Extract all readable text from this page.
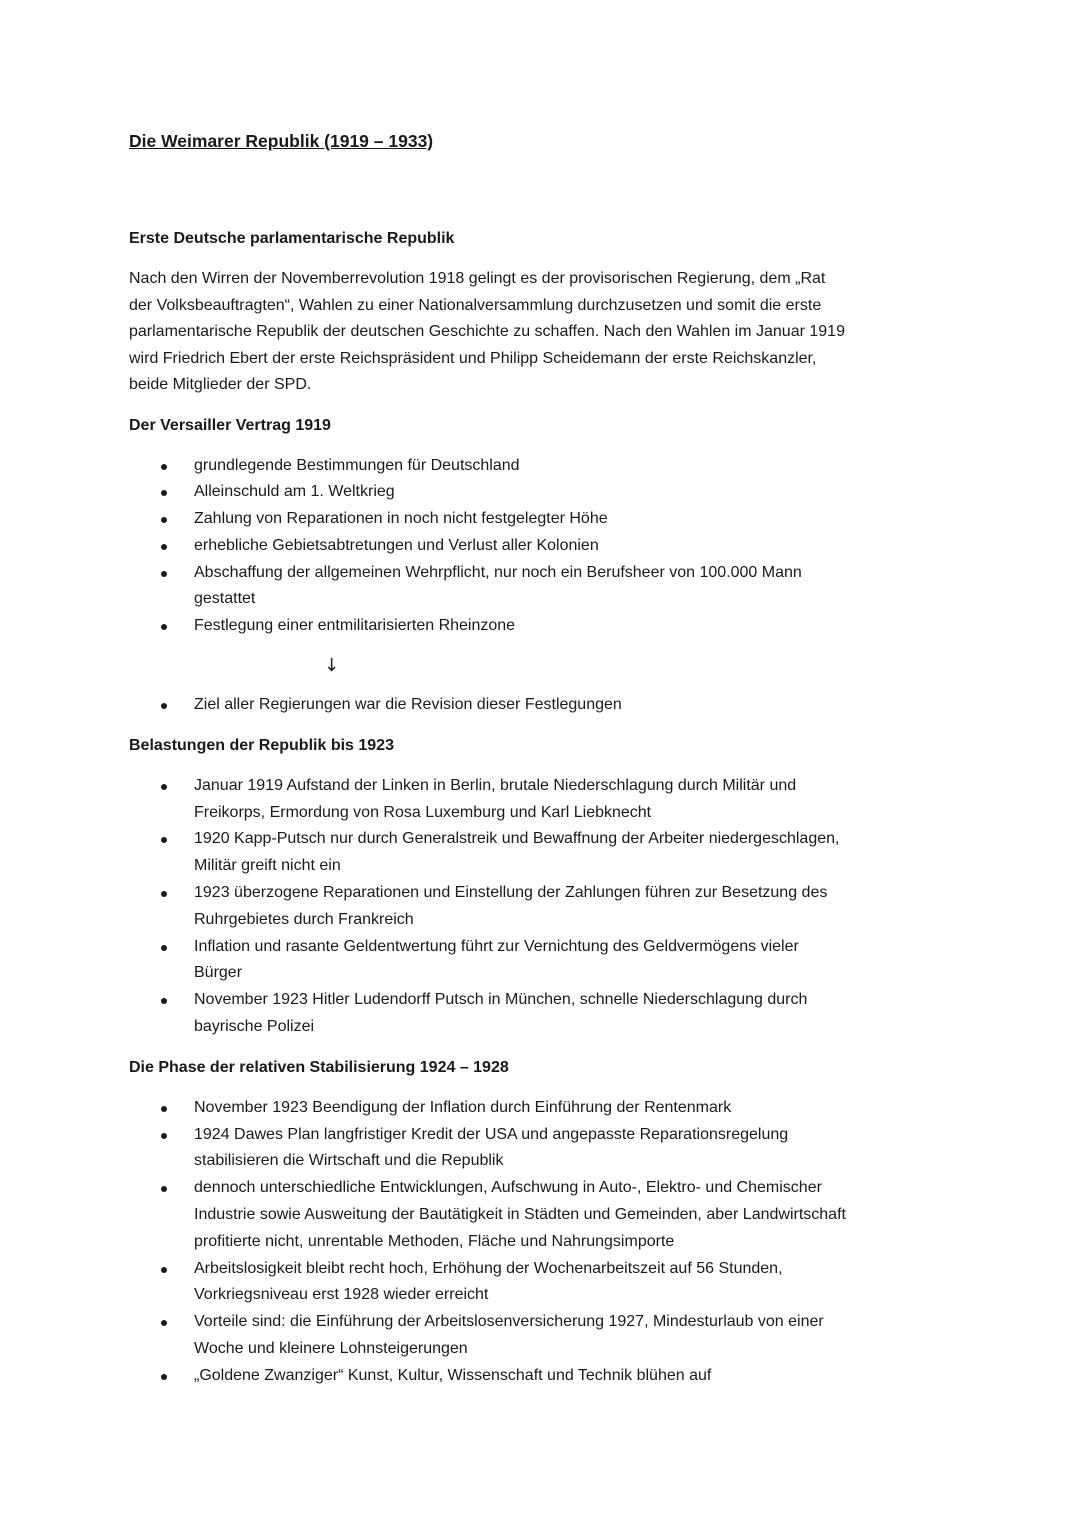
Die Weimarer Republik (1919 – 1933)
Erste Deutsche parlamentarische Republik
Nach den Wirren der Novemberrevolution 1918 gelingt es der provisorischen Regierung, dem „Rat
der Volksbeauftragten“, Wahlen zu einer Nationalversammlung durchzusetzen und somit die erste
parlamentarische Republik der deutschen Geschichte zu schaffen. Nach den Wahlen im Januar 1919
wird Friedrich Ebert der erste Reichspräsident und Philipp Scheidemann der erste Reichskanzler,
beide Mitglieder der SPD.
Der Versailler Vertrag 1919
grundlegende Bestimmungen für Deutschland
Alleinschuld am 1. Weltkrieg
Zahlung von Reparationen in noch nicht festgelegter Höhe
erhebliche Gebietsabtretungen und Verlust aller Kolonien
Abschaffung der allgemeinen Wehrpflicht, nur noch ein Berufsheer von 100.000 Mann
gestattet
Festlegung einer entmilitarisierten Rheinzone
↓
Ziel aller Regierungen war die Revision dieser Festlegungen
Belastungen der Republik bis 1923
Januar 1919 Aufstand der Linken in Berlin, brutale Niederschlagung durch Militär und
Freikorps, Ermordung von Rosa Luxemburg und Karl Liebknecht
1920 Kapp-Putsch nur durch Generalstreik und Bewaffnung der Arbeiter niedergeschlagen,
Militär greift nicht ein
1923 überzogene Reparationen und Einstellung der Zahlungen führen zur Besetzung des
Ruhrgebietes durch Frankreich
Inflation und rasante Geldentwertung führt zur Vernichtung des Geldvermögens vieler
Bürger
November 1923 Hitler Ludendorff Putsch in München, schnelle Niederschlagung durch
bayrische Polizei
Die Phase der relativen Stabilisierung 1924 – 1928
November 1923 Beendigung der Inflation durch Einführung der Rentenmark
1924 Dawes Plan langfristiger Kredit der USA und angepasste Reparationsregelung
stabilisieren die Wirtschaft und die Republik
dennoch unterschiedliche Entwicklungen, Aufschwung in Auto-, Elektro- und Chemischer
Industrie sowie Ausweitung der Bautätigkeit in Städten und Gemeinden, aber Landwirtschaft
profitierte nicht, unrentable Methoden, Fläche und Nahrungsimporte
Arbeitslosigkeit bleibt recht hoch, Erhöhung der Wochenarbeitszeit auf 56 Stunden,
Vorkriegsniveau erst 1928 wieder erreicht
Vorteile sind: die Einführung der Arbeitslosenversicherung 1927, Mindesturlaub von einer
Woche und kleinere Lohnsteigerungen
„Goldene Zwanziger“ Kunst, Kultur, Wissenschaft und Technik blühen auf
